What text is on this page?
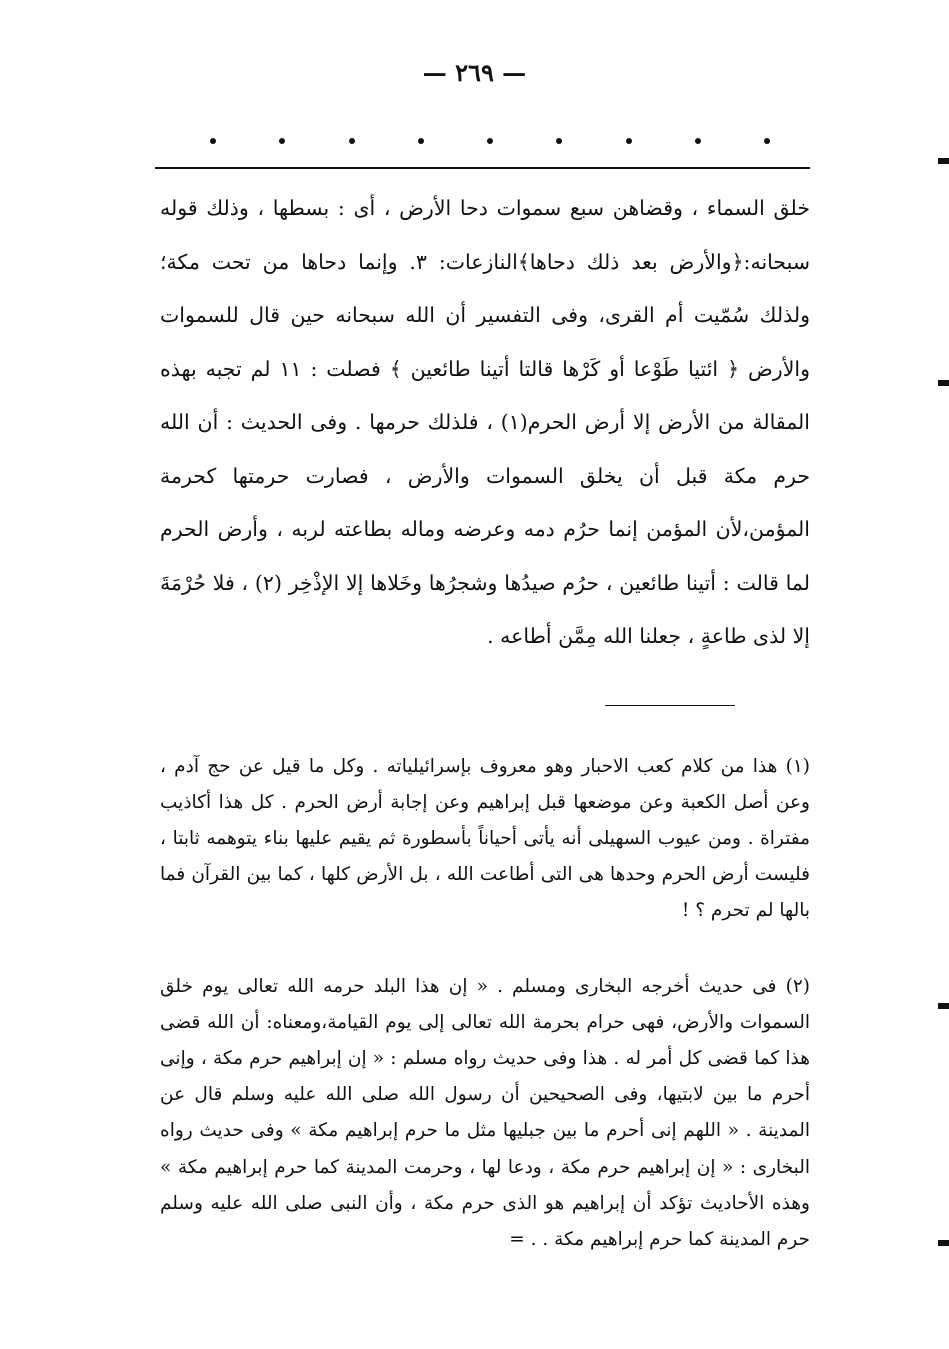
— ٢٦٩ —

خلق السماء ، وقضاهن سبع سموات دحا الأرض ، أى : بسطها ، وذلك قوله سبحانه:﴿والأرض بعد ذلك دحاها﴾النازعات: ٣. وإنما دحاها من تحت مكة؛ ولذلك سُمّيت أم القرى، وفى التفسير أن الله سبحانه حين قال للسموات والأرض ﴿ ائتيا طَوْعا أو كَرْها قالتا أتينا طائعين ﴾ فصلت : ١١ لم تجبه بهذه المقالة من الأرض إلا أرض الحرم(١) ، فلذلك حرمها . وفى الحديث : أن الله حرم مكة قبل أن يخلق السموات والأرض ، فصارت حرمتها كحرمة المؤمن،لأن المؤمن إنما حرُم دمه وعرضه وماله بطاعته لربه ، وأرض الحرم لما قالت : أتينا طائعين ، حرُم صيدُها وشجرُها وخَلاها إلا الإذْخِر (٢) ، فلا حُرْمَةَ إلا لذى طاعةٍ ، جعلنا الله مِمَّن أطاعه .

(١) هذا من كلام كعب الاحبار وهو معروف بإسرائيلياته . وكل ما قيل عن حج آدم ، وعن أصل الكعبة وعن موضعها قبل إبراهيم وعن إجابة أرض الحرم . كل هذا أكاذيب مفتراة . ومن عيوب السهيلى أنه يأتى أحياناً بأسطورة ثم يقيم عليها بناء يتوهمه ثابتا ، فليست أرض الحرم وحدها هى التى أطاعت الله ، بل الأرض كلها ، كما بين القرآن فما بالها لم تحرم ؟ !

(٢) فى حديث أخرجه البخارى ومسلم . « إن هذا البلد حرمه الله تعالى يوم خلق السموات والأرض، فهى حرام بحرمة الله تعالى إلى يوم القيامة،ومعناه: أن الله قضى هذا كما قضى كل أمر له . هذا وفى حديث رواه مسلم : « إن إبراهيم حرم مكة ، وإنى أحرم ما بين لابتيها، وفى الصحيحين أن رسول الله صلى الله عليه وسلم قال عن المدينة . « اللهم إنى أحرم ما بين جبليها مثل ما حرم إبراهيم مكة » وفى حديث رواه البخارى : « إن إبراهيم حرم مكة ، ودعا لها ، وحرمت المدينة كما حرم إبراهيم مكة » وهذه الأحاديث تؤكد أن إبراهيم هو الذى حرم مكة ، وأن النبى صلى الله عليه وسلم حرم المدينة كما حرم إبراهيم مكة . . =
